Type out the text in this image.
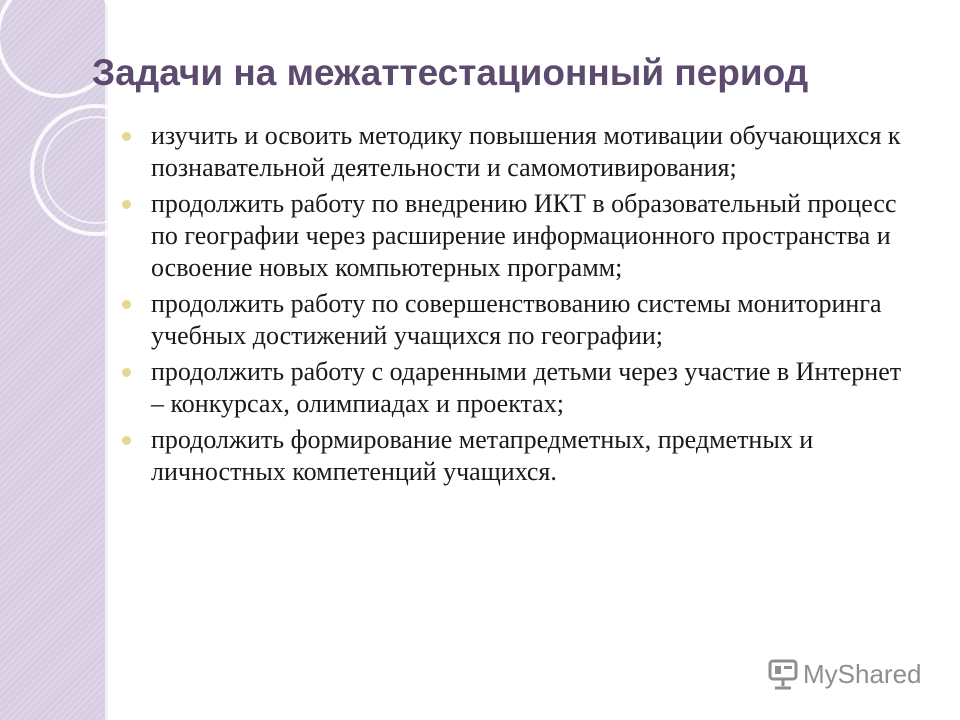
Задачи на межаттестационный период
изучить и освоить методику повышения мотивации обучающихся к познавательной деятельности и самомотивирования;
продолжить работу по внедрению ИКТ в образовательный процесс по географии через расширение информационного пространства и освоение новых компьютерных программ;
продолжить работу по совершенствованию системы мониторинга учебных достижений учащихся по географии;
продолжить работу с одаренными детьми через участие в Интернет – конкурсах, олимпиадах и проектах;
продолжить формирование метапредметных, предметных и личностных компетенций учащихся.
MyShared
